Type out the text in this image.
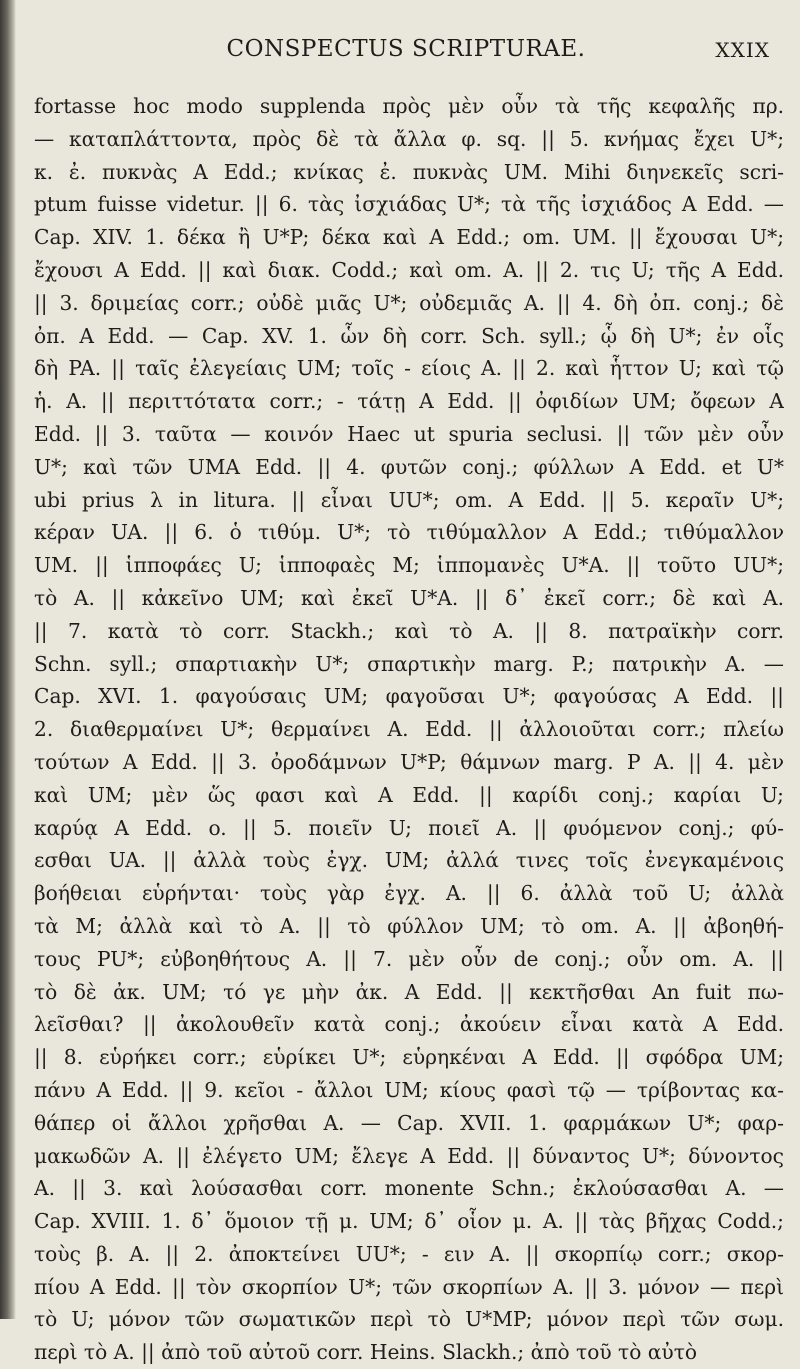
CONSPECTUS SCRIPTURAE.	XXIX
fortasse hoc modo supplenda πρὸς μὲν οὖν τὰ τῆς κεφαλῆς πρ.
— καταπλάττοντα, πρὸς δὲ τὰ ἄλλα φ. sq. || 5. κνήμας ἔχει U*;
κ. ἐ. πυκνὰς A Edd.; κνίκας ἐ. πυκνὰς UM. Mihi διηνεκεῖς scri-
ptum fuisse videtur. || 6. τὰς ἰσχιάδας U*; τὰ τῆς ἰσχιάδος A Edd. —
Cap. XIV. 1. δέκα ἢ U*P; δέκα καὶ A Edd.; om. UM. || ἔχουσαι U*;
ἔχουσι A Edd. || καὶ διακ. Codd.; καὶ om. A. || 2. τις U; τῆς A Edd.
|| 3. δριμείας corr.; οὐδὲ μιᾶς U*; οὐδεμιᾶς A. || 4. δὴ ὀπ. conj.; δὲ
ὀπ. A Edd. — Cap. XV. 1. ὧν δὴ corr. Sch. syll.; ᾧ δὴ U*; ἐν οἷς
δὴ PA. || ταῖς ἐλεγείαις UM; τοῖς - είοις A. || 2. καὶ ἧττον U; καὶ τῷ
ἡ. A. || περιττότατα corr.; - τάτῃ A Edd. || ὀφιδίων UM; ὄφεων A
Edd. || 3. ταῦτα — κοινόν Haec ut spuria seclusi. || τῶν μὲν οὖν
U*; καὶ τῶν UMA Edd. || 4. φυτῶν conj.; φύλλων A Edd. et U*
ubi prius λ in litura. || εἶναι UU*; om. A Edd. || 5. κεραῖν U*;
κέραν UA. || 6. ὁ τιθύμ. U*; τὸ τιθύμαλλον A Edd.; τιθύμαλλον
UM. || ἱπποφάες U; ἱπποφαὲς M; ἱππομανὲς U*A. || τοῦτο UU*;
τὸ A. || κἀκεῖνο UM; καὶ ἐκεῖ U*A. || δ᾽ ἐκεῖ corr.; δὲ καὶ A.
|| 7. κατὰ τὸ corr. Stackh.; καὶ τὸ A. || 8. πατραϊκὴν corr.
Schn. syll.; σπαρτιακὴν U*; σπαρτικὴν marg. P.; πατρικὴν A. —
Cap. XVI. 1. φαγούσαις UM; φαγοῦσαι U*; φαγούσας A Edd. ||
2. διαθερμαίνει U*; θερμαίνει A. Edd. || ἀλλοιοῦται corr.; πλείω
τούτων A Edd. || 3. ὀροδάμνων U*P; θάμνων marg. P A. || 4. μὲν
καὶ UM; μὲν ὥς φασι καὶ A Edd. || καρίδι conj.; καρίαι U;
καρύᾳ A Edd. o. || 5. ποιεῖν U; ποιεῖ A. || φυόμενον conj.; φύ-
εσθαι UA. || ἀλλὰ τοὺς ἐγχ. UM; ἀλλά τινες τοῖς ἐνεγκαμένοις
βοήθειαι εὑρήνται· τοὺς γὰρ ἐγχ. A. || 6. ἀλλὰ τοῦ U; ἀλλὰ
τὰ M; ἀλλὰ καὶ τὸ A. || τὸ φύλλον UM; τὸ om. A. || ἀβοηθή-
τους PU*; εὐβοηθήτους A. || 7. μὲν οὖν de conj.; οὖν om. A. ||
τὸ δὲ ἀκ. UM; τό γε μὴν ἀκ. A Edd. || κεκτῆσθαι An fuit πω-
λεῖσθαι? || ἀκολουθεῖν κατὰ conj.; ἀκούειν εἶναι κατὰ A Edd.
|| 8. εὑρήκει corr.; εὑρίκει U*; εὑρηκέναι A Edd. || σφόδρα UM;
πάνυ A Edd. || 9. κεῖοι - ἄλλοι UM; κίους φασὶ τῷ — τρίβοντας κα-
θάπερ οἱ ἄλλοι χρῆσθαι A. — Cap. XVII. 1. φαρμάκων U*; φαρ-
μακωδῶν A. || ἐλέγετο UM; ἔλεγε A Edd. || δύναντος U*; δύνοντος
A. || 3. καὶ λούσασθαι corr. monente Schn.; ἐκλούσασθαι A. —
Cap. XVIII. 1. δ᾽ ὅμοιον τῇ μ. UM; δ᾽ οἷον μ. A. || τὰς βῆχας Codd.;
τοὺς β. A. || 2. ἀποκτείνει UU*; - ειν A. || σκορπίῳ corr.; σκορ-
πίου A Edd. || τὸν σκορπίον U*; τῶν σκορπίων A. || 3. μόνον — περὶ
τὸ U; μόνον τῶν σωματικῶν περὶ τὸ U*MP; μόνον περὶ τῶν σωμ.
περὶ τὸ A. || ἀπὸ τοῦ αὐτοῦ corr. Heins. Slackh.; ἀπὸ τοῦ τὸ αὐτὸ
